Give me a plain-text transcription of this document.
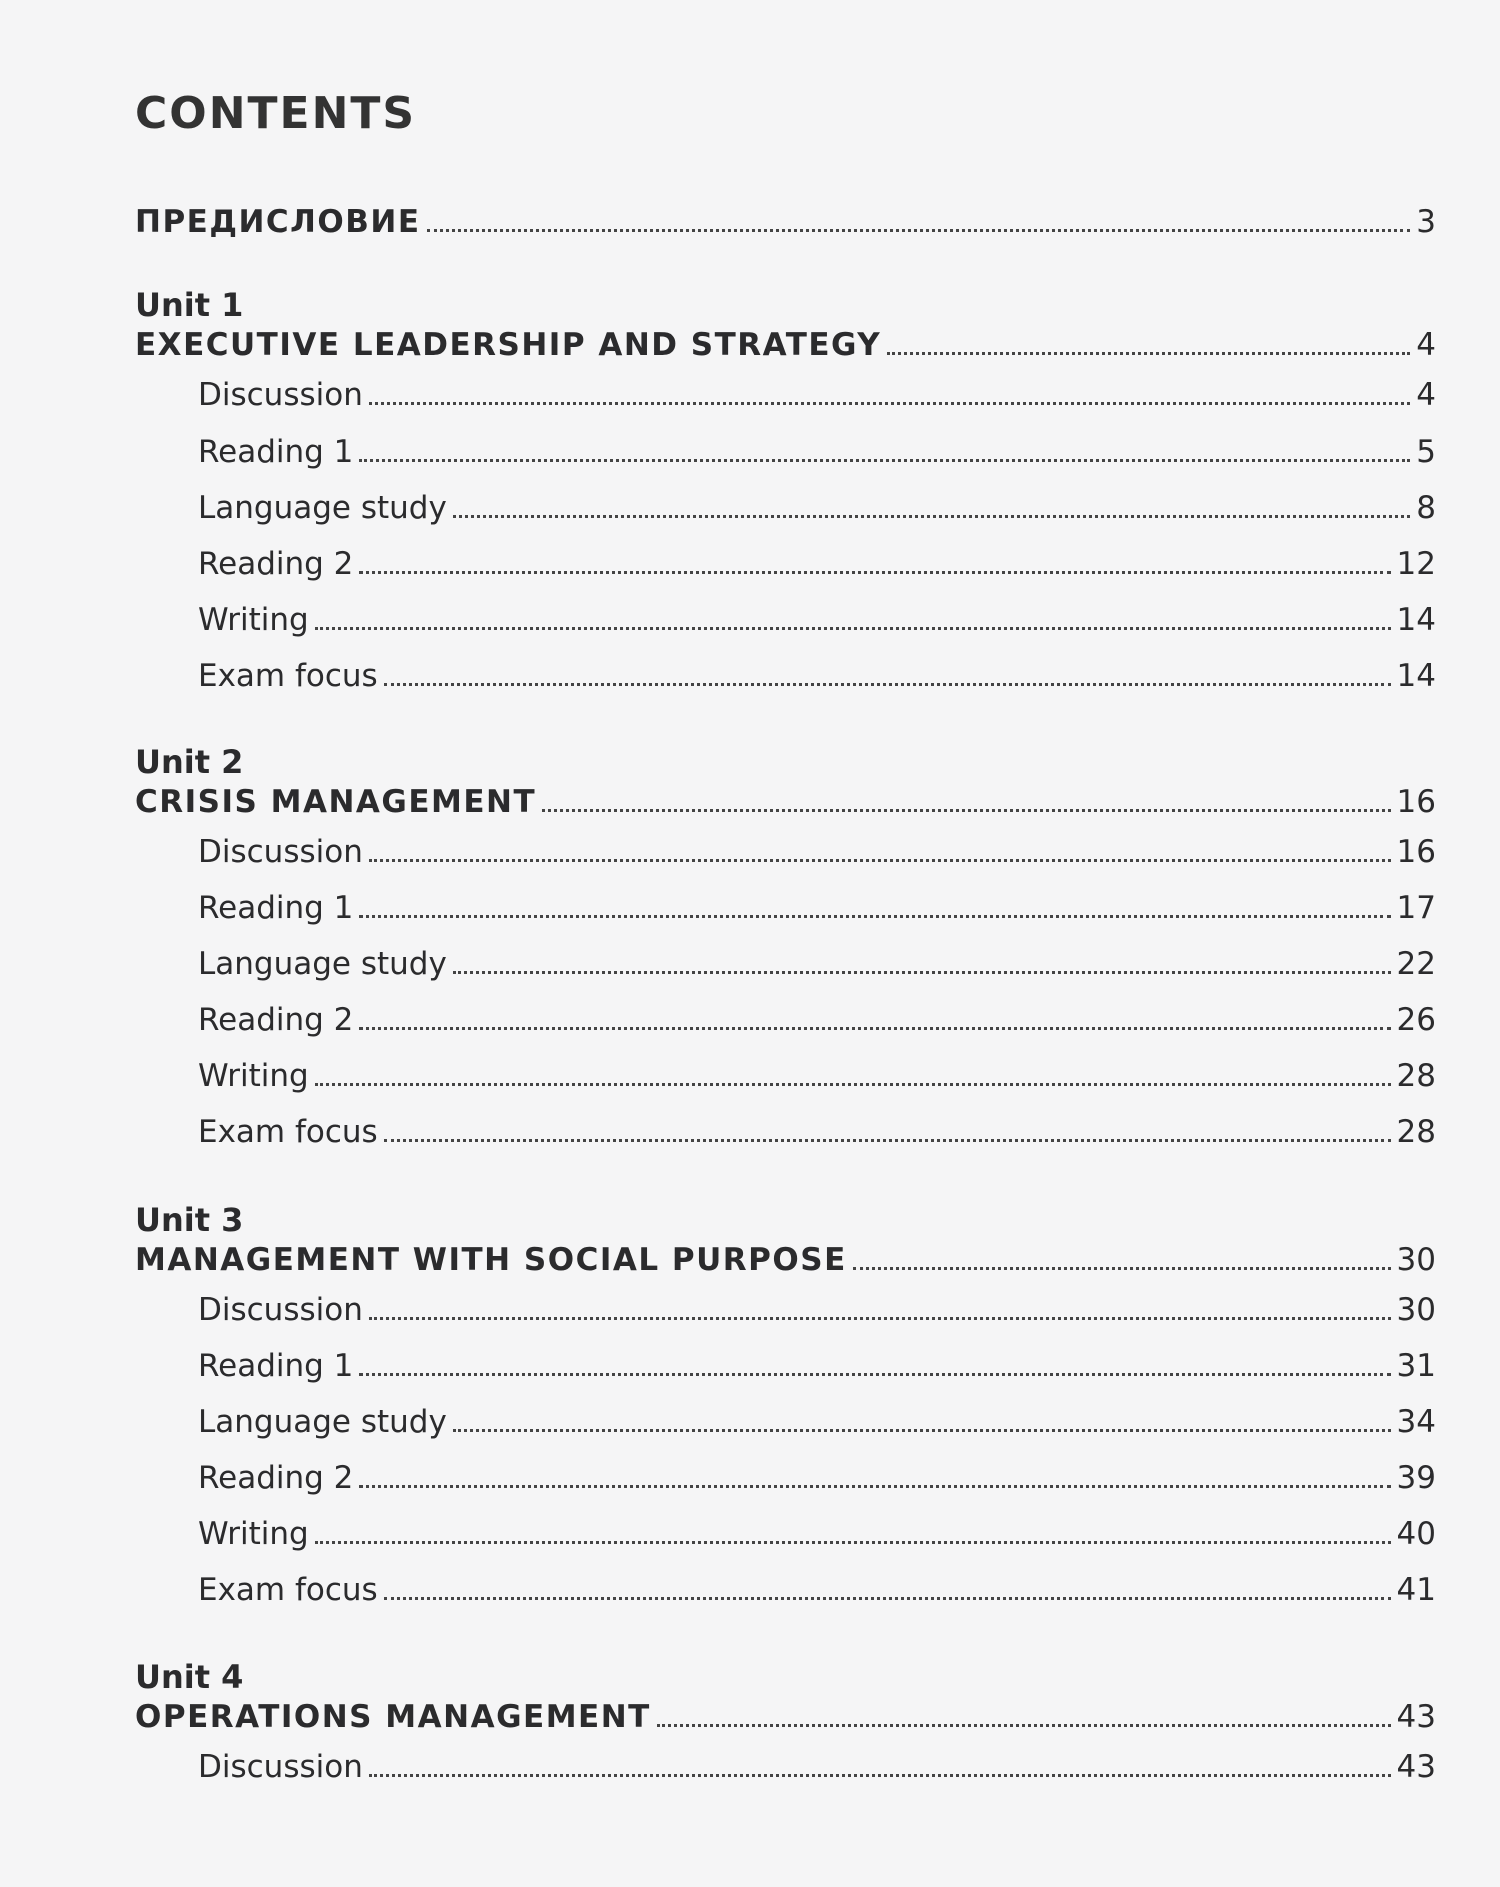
CONTENTS
ПРЕДИСЛОВИЕ	3
Unit 1
EXECUTIVE LEADERSHIP AND STRATEGY	4
Discussion	4
Reading 1	5
Language study	8
Reading 2	12
Writing	14
Exam focus	14
Unit 2
CRISIS MANAGEMENT	16
Discussion	16
Reading 1	17
Language study	22
Reading 2	26
Writing	28
Exam focus	28
Unit 3
MANAGEMENT WITH SOCIAL PURPOSE	30
Discussion	30
Reading 1	31
Language study	34
Reading 2	39
Writing	40
Exam focus	41
Unit 4
OPERATIONS MANAGEMENT	43
Discussion	43
